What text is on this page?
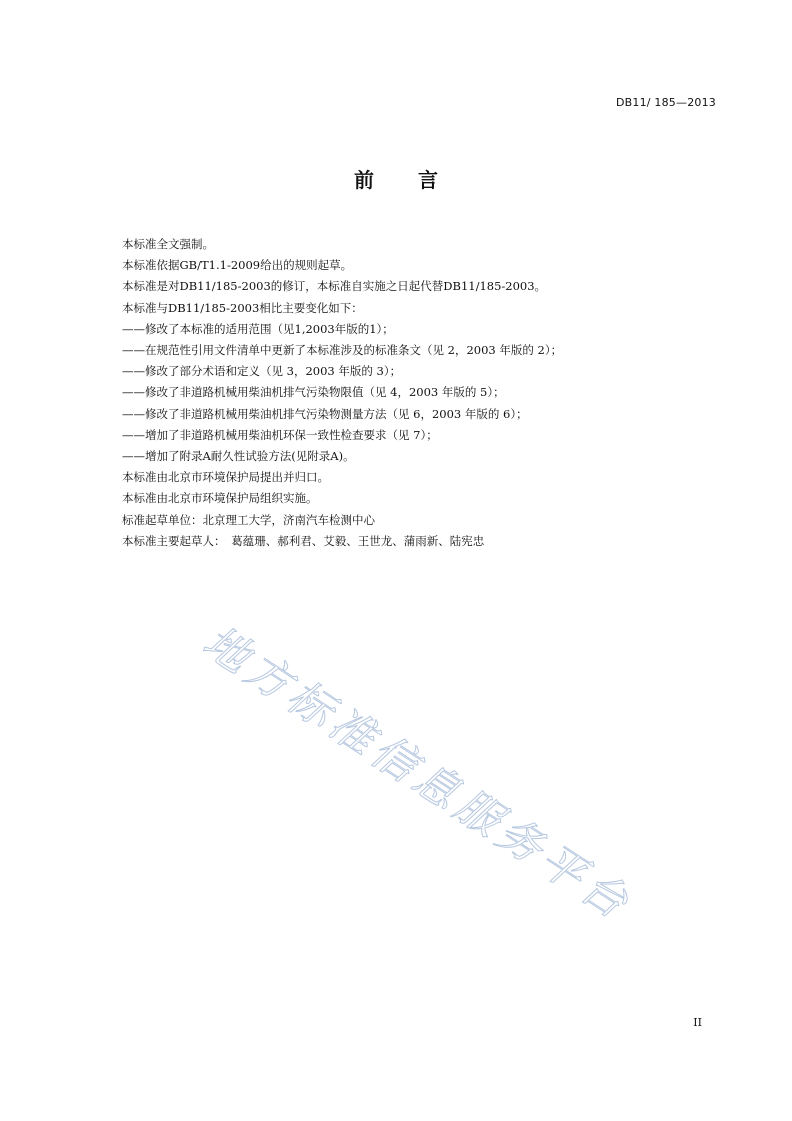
DB11/ 185—2013
前 言
本标准全文强制。
本标准依据GB/T1.1-2009给出的规则起草。
本标准是对DB11/185-2003的修订，本标准自实施之日起代替DB11/185-2003。
本标准与DB11/185-2003相比主要变化如下：
——修改了本标准的适用范围（见1,2003年版的1）；
——在规范性引用文件清单中更新了本标准涉及的标准条文（见 2，2003 年版的 2）；
——修改了部分术语和定义（见 3，2003 年版的 3）；
——修改了非道路机械用柴油机排气污染物限值（见 4，2003 年版的 5）；
——修改了非道路机械用柴油机排气污染物测量方法（见 6，2003 年版的 6）；
——增加了非道路机械用柴油机环保一致性检查要求（见 7）；
——增加了附录A耐久性试验方法(见附录A)。
本标准由北京市环境保护局提出并归口。
本标准由北京市环境保护局组织实施。
标准起草单位：北京理工大学，济南汽车检测中心
本标准主要起草人：　葛蕴珊、郝利君、艾毅、王世龙、蒲雨新、陆宪忠
地方标准信息服务平台
II
